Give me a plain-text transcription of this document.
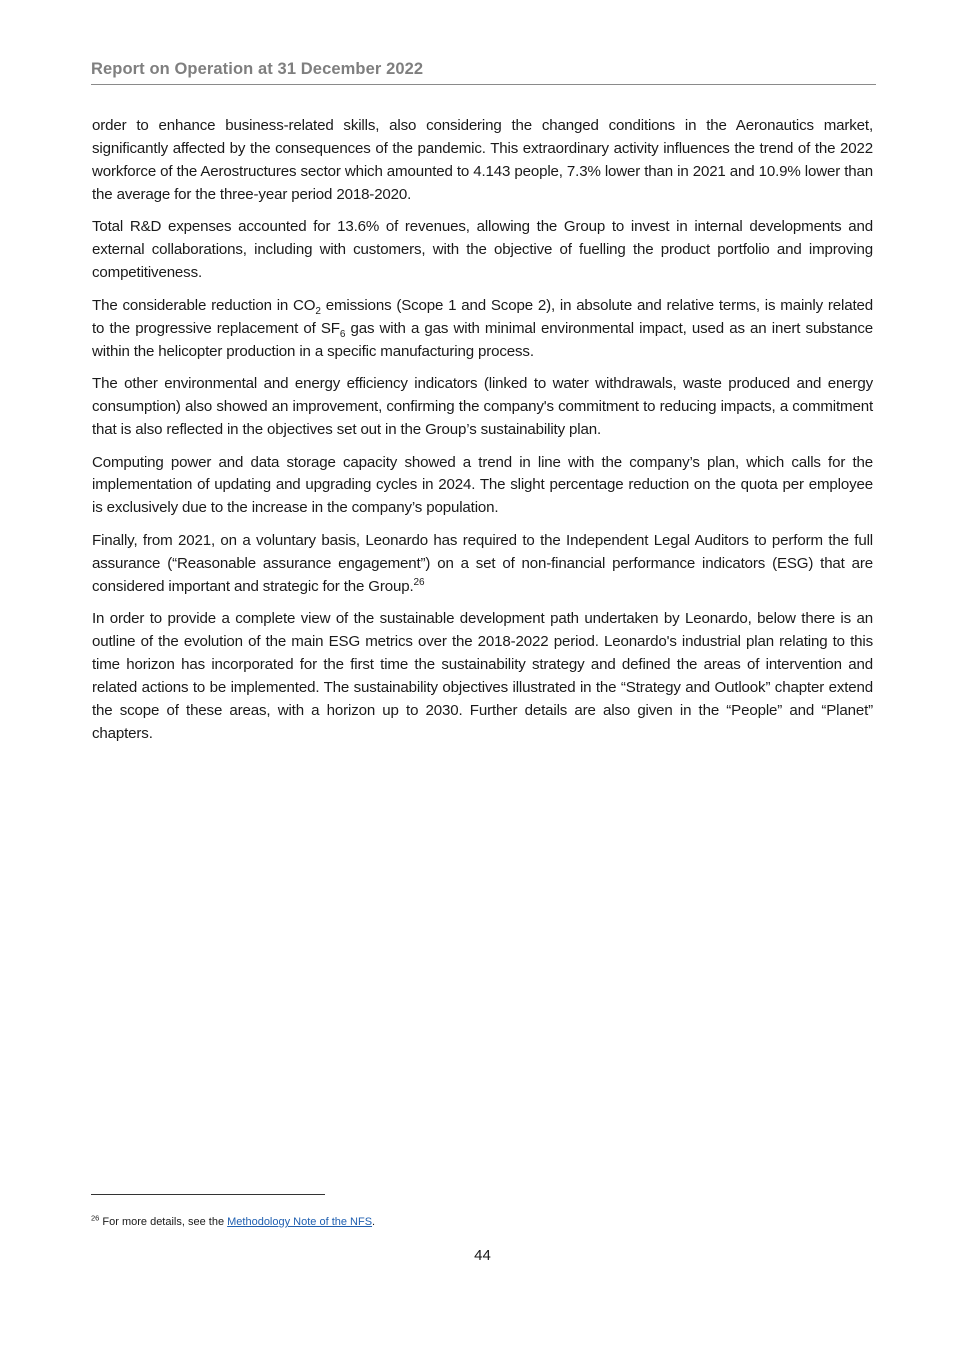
Report on Operation at 31 December 2022

order to enhance business-related skills, also considering the changed conditions in the Aeronautics market, significantly affected by the consequences of the pandemic. This extraordinary activity influences the trend of the 2022 workforce of the Aerostructures sector which amounted to 4.143 people, 7.3% lower than in 2021 and 10.9% lower than the average for the three-year period 2018-2020.

Total R&D expenses accounted for 13.6% of revenues, allowing the Group to invest in internal developments and external collaborations, including with customers, with the objective of fuelling the product portfolio and improving competitiveness.

The considerable reduction in $CO_2$ emissions (Scope 1 and Scope 2), in absolute and relative terms, is mainly related to the progressive replacement of $SF_6$ gas with a gas with minimal environmental impact, used as an inert substance within the helicopter production in a specific manufacturing process.

The other environmental and energy efficiency indicators (linked to water withdrawals, waste produced and energy consumption) also showed an improvement, confirming the company's commitment to reducing impacts, a commitment that is also reflected in the objectives set out in the Group’s sustainability plan.

Computing power and data storage capacity showed a trend in line with the company’s plan, which calls for the implementation of updating and upgrading cycles in 2024. The slight percentage reduction on the quota per employee is exclusively due to the increase in the company’s population.

Finally, from 2021, on a voluntary basis, Leonardo has required to the Independent Legal Auditors to perform the full assurance (“Reasonable assurance engagement”) on a set of non-financial performance indicators (ESG) that are considered important and strategic for the Group.$^{26}$

In order to provide a complete view of the sustainable development path undertaken by Leonardo, below there is an outline of the evolution of the main ESG metrics over the 2018-2022 period. Leonardo's industrial plan relating to this time horizon has incorporated for the first time the sustainability strategy and defined the areas of intervention and related actions to be implemented. The sustainability objectives illustrated in the “Strategy and Outlook” chapter extend the scope of these areas, with a horizon up to 2030. Further details are also given in the “People” and “Planet” chapters.

$^{26}$ For more details, see the Methodology Note of the NFS.
44
